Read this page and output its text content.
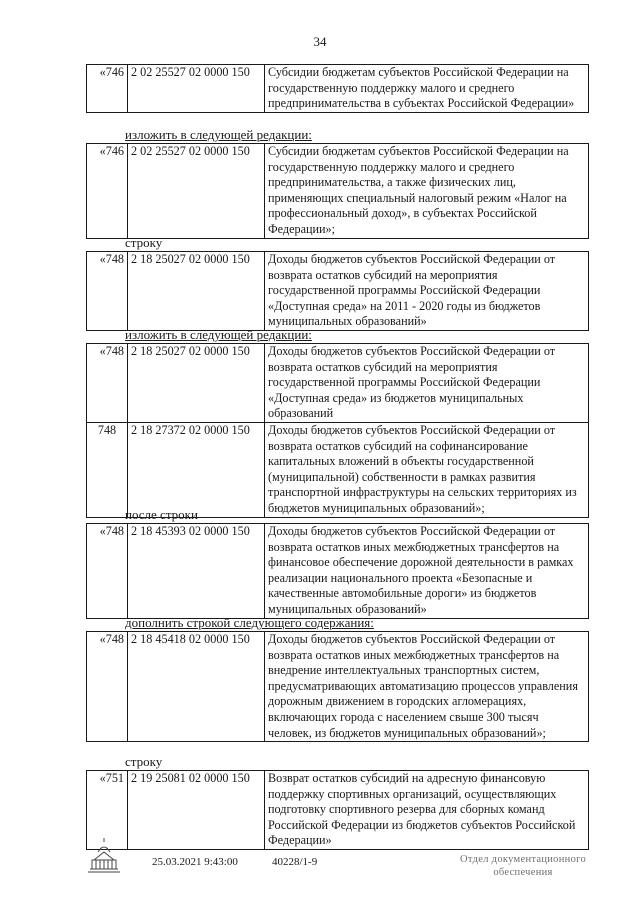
34
«746	2 02 25527 02 0000 150	Субсидии бюджетам субъектов Российской Федерации на государственную поддержку малого и среднего предпринимательства в субъектах Российской Федерации»
изложить в следующей редакции:
«746	2 02 25527 02 0000 150	Субсидии бюджетам субъектов Российской Федерации на государственную поддержку малого и среднего предпринимательства, а также физических лиц, применяющих специальный налоговый режим «Налог на профессиональный доход», в субъектах Российской Федерации»;
строку
«748	2 18 25027 02 0000 150	Доходы бюджетов субъектов Российской Федерации от возврата остатков субсидий на мероприятия государственной программы Российской Федерации «Доступная среда» на 2011 - 2020 годы из бюджетов муниципальных образований»
изложить в следующей редакции:
«748	2 18 25027 02 0000 150	Доходы бюджетов субъектов Российской Федерации от возврата остатков субсидий на мероприятия государственной программы Российской Федерации «Доступная среда» из бюджетов муниципальных образований
748	2 18 27372 02 0000 150	Доходы бюджетов субъектов Российской Федерации от возврата остатков субсидий на софинансирование капитальных вложений в объекты государственной (муниципальной) собственности в рамках развития транспортной инфраструктуры на сельских территориях из бюджетов муниципальных образований»;
после строки
«748	2 18 45393 02 0000 150	Доходы бюджетов субъектов Российской Федерации от возврата остатков иных межбюджетных трансфертов на финансовое обеспечение дорожной деятельности в рамках реализации национального проекта «Безопасные и качественные автомобильные дороги» из бюджетов муниципальных образований»
дополнить строкой следующего содержания:
«748	2 18 45418 02 0000 150	Доходы бюджетов субъектов Российской Федерации от возврата остатков иных межбюджетных трансфертов на внедрение интеллектуальных транспортных систем, предусматривающих автоматизацию процессов управления дорожным движением в городских агломерациях, включающих города с населением свыше 300 тысяч человек, из бюджетов муниципальных образований»;
строку
«751	2 19 25081 02 0000 150	Возврат остатков субсидий на адресную финансовую поддержку спортивных организаций, осуществляющих подготовку спортивного резерва для сборных команд Российской Федерации из бюджетов субъектов Российской Федерации»
25.03.2021 9:43:00	40228/1-9	Отдел документационного
обеспечения
